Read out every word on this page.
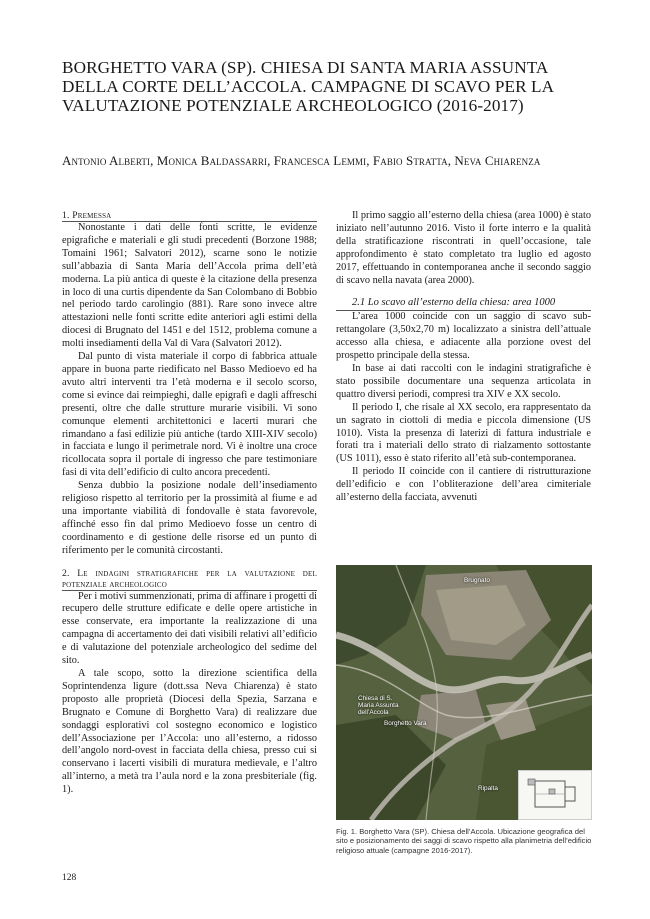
BORGHETTO VARA (SP). CHIESA DI SANTA MARIA ASSUNTA DELLA CORTE DELL’ACCOLA. CAMPAGNE DI SCAVO PER LA VALUTAZIONE POTENZIALE ARCHEOLOGICO (2016-2017)
Antonio Alberti, Monica Baldassarri, Francesca Lemmi, Fabio Stratta, Neva Chiarenza
1. Premessa

Nonostante i dati delle fonti scritte, le evidenze epigrafiche e materiali e gli studi precedenti (Borzone 1988; Tomaini 1961; Salvatori 2012), scarne sono le notizie sull’abbazia di Santa Maria dell’Accola prima dell’età moderna. La più antica di queste è la citazione della presenza in loco di una curtis dipendente da San Colombano di Bobbio nel periodo tardo carolingio (881). Rare sono invece altre attestazioni nelle fonti scritte edite anteriori agli estimi della diocesi di Brugnato del 1451 e del 1512, problema comune a molti insediamenti della Val di Vara (Salvatori 2012).

Dal punto di vista materiale il corpo di fabbrica attuale appare in buona parte riedificato nel Basso Medioevo ed ha avuto altri interventi tra l’età moderna e il secolo scorso, come si evince dai reimpieghi, dalle epigrafi e dagli affreschi presenti, oltre che dalle strutture murarie visibili. Vi sono comunque elementi architettonici e lacerti murari che rimandano a fasi edilizie più antiche (tardo XIII-XIV secolo) in facciata e lungo il perimetrale nord. Vi è inoltre una croce ricollocata sopra il portale di ingresso che pare testimoniare fasi di vita dell’edificio di culto ancora precedenti.

Senza dubbio la posizione nodale dell’insediamento religioso rispetto al territorio per la prossimità al fiume e ad una importante viabilità di fondovalle è stata favorevole, affinché esso fin dal primo Medioevo fosse un centro di coordinamento e di gestione delle risorse ed un punto di riferimento per le comunità circostanti.

2. Le indagini stratigrafiche per la valutazione del potenziale archeologico

Per i motivi summenzionati, prima di affinare i progetti di recupero delle strutture edificate e delle opere artistiche in esse conservate, era importante la realizzazione di una campagna di accertamento dei dati visibili relativi all’edificio e di valutazione del potenziale archeologico del sedime del sito.

A tale scopo, sotto la direzione scientifica della Soprintendenza ligure (dott.ssa Neva Chiarenza) è stato proposto alle proprietà (Diocesi della Spezia, Sarzana e Brugnato e Comune di Borghetto Vara) di realizzare due sondaggi esplorativi col sostegno economico e logistico dell’Associazione per l’Accola: uno all’esterno, a ridosso dell’angolo nord-ovest in facciata della chiesa, presso cui si conservano i lacerti visibili di muratura medievale, e l’altro all’interno, a metà tra l’aula nord e la zona presbiteriale (fig. 1).

Il primo saggio all’esterno della chiesa (area 1000) è stato iniziato nell’autunno 2016. Visto il forte interro e la qualità della stratificazione riscontrati in quell’occasione, tale approfondimento è stato completato tra luglio ed agosto 2017, effettuando in contemporanea anche il secondo saggio di scavo nella navata (area 2000).

2.1 Lo scavo all’esterno della chiesa: area 1000

L’area 1000 coincide con un saggio di scavo sub-rettangolare (3,50x2,70 m) localizzato a sinistra dell’attuale accesso alla chiesa, e adiacente alla porzione ovest del prospetto principale della stessa.

In base ai dati raccolti con le indagini stratigrafiche è stato possibile documentare una sequenza articolata in quattro diversi periodi, compresi tra XIV e XX secolo.

Il periodo I, che risale al XX secolo, era rappresentato da un sagrato in ciottoli di media e piccola dimensione (US 1010). Vista la presenza di laterizi di fattura industriale e forati tra i materiali dello strato di rialzamento sottostante (US 1011), esso è stato riferito all’età sub-contemporanea.

Il periodo II coincide con il cantiere di ristrutturazione dell’edificio e con l’obliterazione dell’area cimiteriale all’esterno della facciata, avvenuti

Brugnato
Chiesa di S. Maria Assunta dell’Accola
Borghetto Vara
Ripalta
Fig. 1. Borghetto Vara (SP). Chiesa dell’Accola. Ubicazione geografica del sito e posizionamento dei saggi di scavo rispetto alla planimetria dell’edificio religioso attuale (campagne 2016-2017).
128
